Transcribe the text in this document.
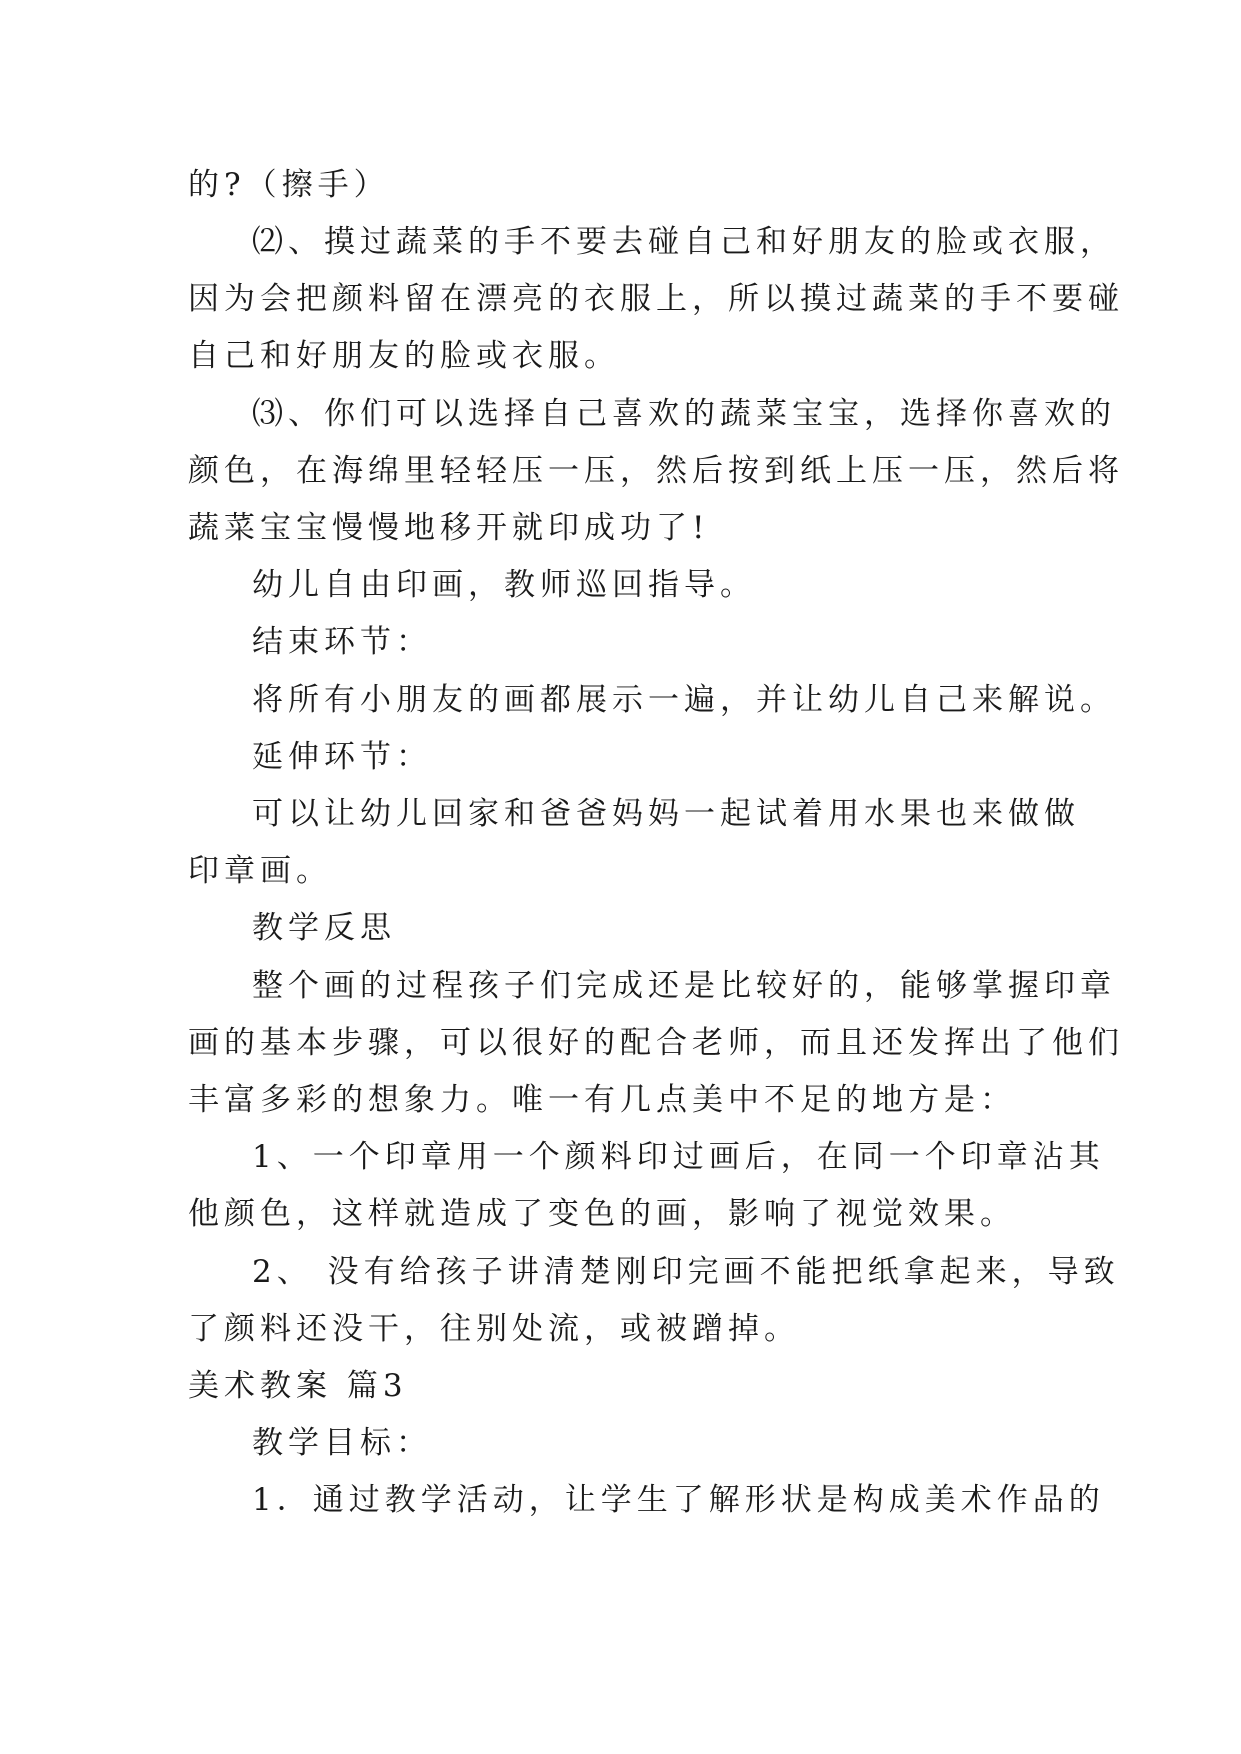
的?（擦手）
⑵、摸过蔬菜的手不要去碰自己和好朋友的脸或衣服，
因为会把颜料留在漂亮的衣服上，所以摸过蔬菜的手不要碰
自己和好朋友的脸或衣服。
⑶、你们可以选择自己喜欢的蔬菜宝宝，选择你喜欢的
颜色，在海绵里轻轻压一压，然后按到纸上压一压，然后将
蔬菜宝宝慢慢地移开就印成功了!
幼儿自由印画，教师巡回指导。
结束环节：
将所有小朋友的画都展示一遍，并让幼儿自己来解说。
延伸环节：
可以让幼儿回家和爸爸妈妈一起试着用水果也来做做
印章画。
教学反思
整个画的过程孩子们完成还是比较好的，能够掌握印章
画的基本步骤，可以很好的配合老师，而且还发挥出了他们
丰富多彩的想象力。唯一有几点美中不足的地方是：
1、一个印章用一个颜料印过画后，在同一个印章沾其
他颜色，这样就造成了变色的画，影响了视觉效果。
2、 没有给孩子讲清楚刚印完画不能把纸拿起来，导致
了颜料还没干，往别处流，或被蹭掉。
美术教案 篇3
教学目标：
1．通过教学活动，让学生了解形状是构成美术作品的
